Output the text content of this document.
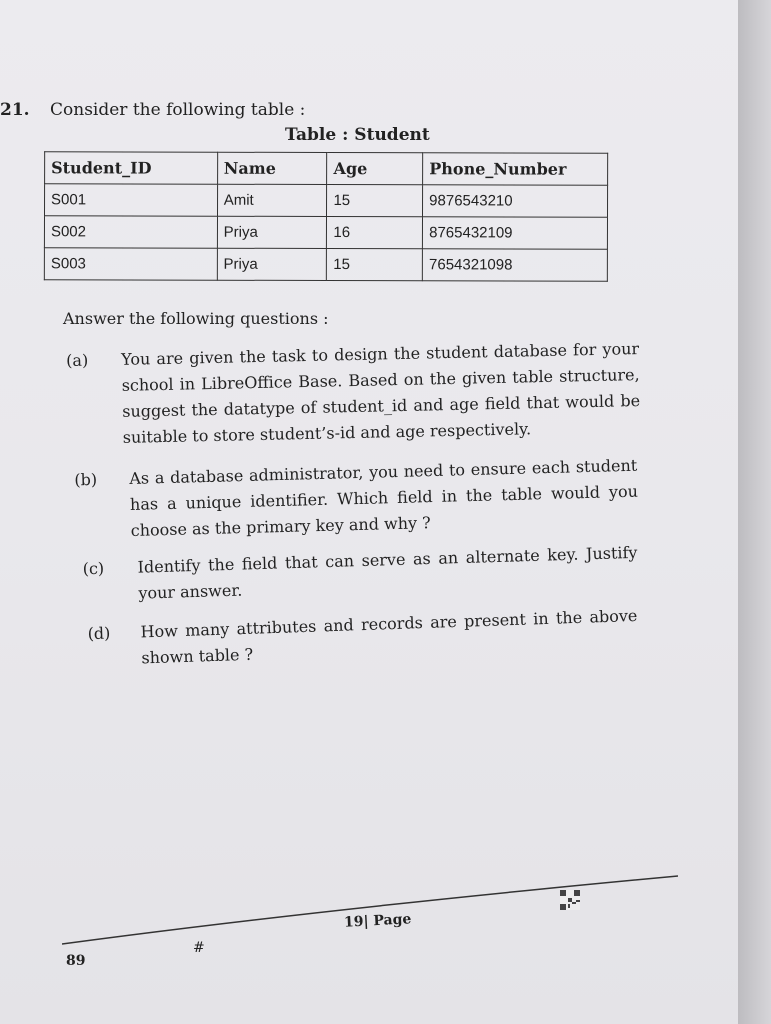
21. Consider the following table :
Table : Student
Student_ID	Name	Age	Phone_Number
S001	Amit	15	9876543210
S002	Priya	16	8765432109
S003	Priya	15	7654321098
Answer the following questions :
(a) You are given the task to design the student database for your school in LibreOffice Base. Based on the given table structure, suggest the datatype of student_id and age field that would be suitable to store student’s-id and age respectively.
(b) As a database administrator, you need to ensure each student has a unique identifier. Which field in the table would you choose as the primary key and why ?
(c) Identify the field that can serve as an alternate key. Justify your answer.
(d) How many attributes and records are present in the above shown table ?
19| Page
#
89
